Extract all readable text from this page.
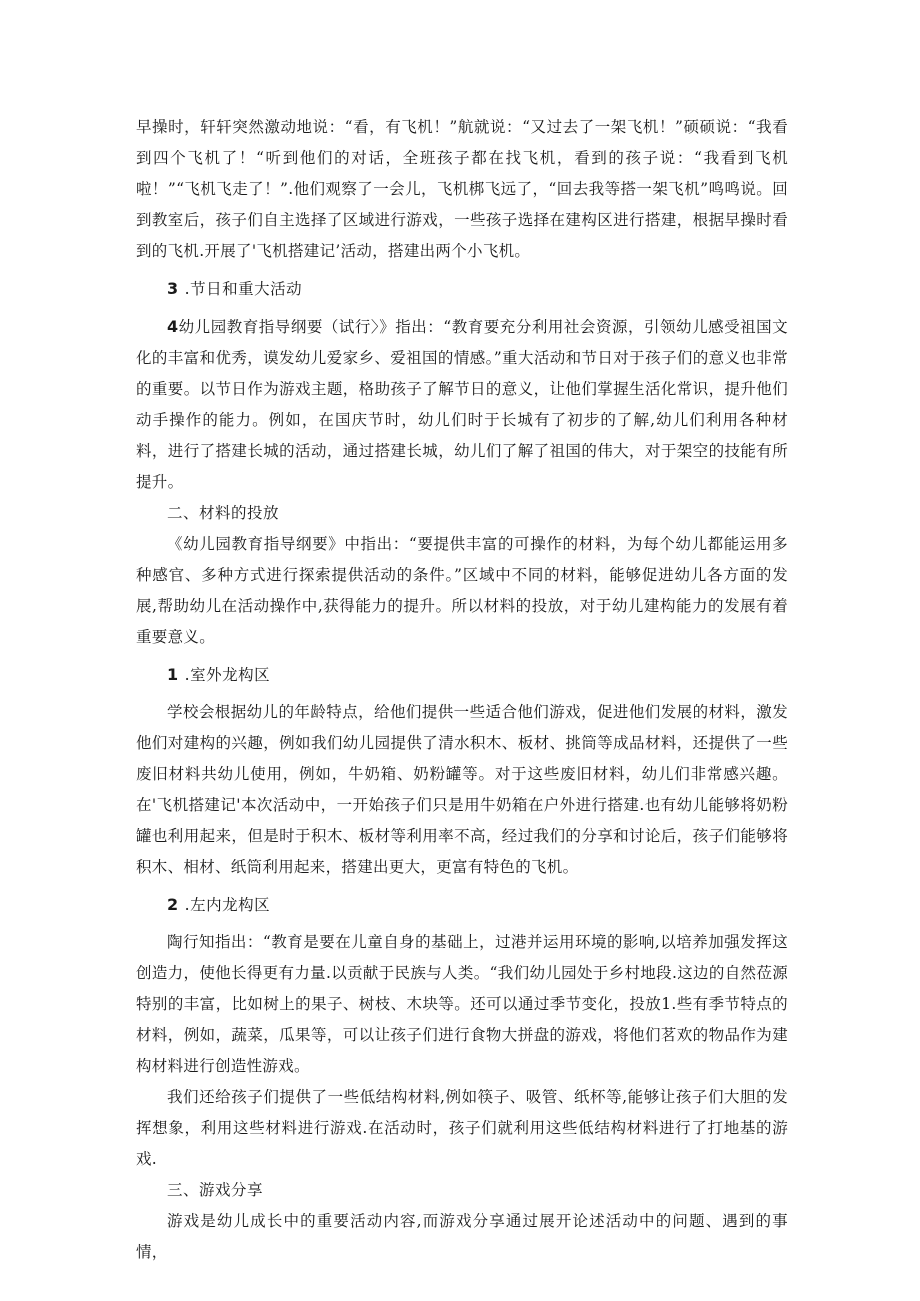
早操时，轩轩突然激动地说：“看，有飞机！”航就说：“又过去了一架飞机！”硕硕说：“我看到四个飞机了！“听到他们的对话，全班孩子都在找飞机，看到的孩子说：“我看到飞机啦！”“飞机飞走了！”.他们观察了一会儿，飞机梆飞远了，“回去我等搭一架飞机”鸣鸣说。回到教室后，孩子们自主选择了区域进行游戏，一些孩子选择在建构区进行搭建，根据早操时看到的飞机.开展了'飞机搭建记’活动，搭建出两个小飞机。

3 .节日和重大活动

4幼儿园教育指导纲要（试行〉》指出：“教育要充分利用社会资源，引领幼儿感受祖国文化的丰富和优秀，谟发幼儿爱家乡、爱祖国的情感。”重大活动和节日对于孩子们的意义也非常的重要。以节日作为游戏主题，格助孩子了解节日的意义，让他们掌握生活化常识，提升他们动手操作的能力。例如，在国庆节时，幼儿们时于长城有了初步的了解,幼儿们利用各种材料，进行了搭建长城的活动，通过搭建长城，幼儿们了解了祖国的伟大，对于架空的技能有所提升。

二、材料的投放

《幼儿园教育指导纲要》中指出：“要提供丰富的可操作的材料，为每个幼儿都能运用多种感官、多种方式进行探索提供活动的条件。”区域中不同的材料，能够促进幼儿各方面的发展,帮助幼儿在活动操作中,获得能力的提升。所以材料的投放，对于幼儿建构能力的发展有着重要意义。

1 .室外龙构区

学校会根据幼儿的年龄特点，给他们提供一些适合他们游戏，促进他们发展的材料，激发他们对建构的兴趣，例如我们幼儿园提供了清水积木、板材、挑筒等成品材料，还提供了一些废旧材料共幼儿使用，例如，牛奶箱、奶粉罐等。对于这些废旧材料，幼儿们非常感兴趣。在'飞机搭建记'本次活动中，一开始孩子们只是用牛奶箱在户外进行搭建.也有幼儿能够将奶粉罐也利用起来，但是时于积木、板材等利用率不高，经过我们的分享和讨论后，孩子们能够将积木、相材、纸筒利用起来，搭建出更大，更富有特色的飞机。

2 .左内龙构区

陶行知指出：“教育是要在儿童自身的基础上，过港并运用环境的影响,以培养加强发挥这创造力，使他长得更有力量.以贡献于民族与人类。“我们幼儿园处于乡村地段.这边的自然莅源特别的丰富，比如树上的果子、树枝、木块等。还可以通过季节变化，投放1.些有季节特点的材料，例如，蔬菜，瓜果等，可以让孩子们进行食物大拼盘的游戏，将他们茗欢的物品作为建构材料进行创造性游戏。

我们还给孩子们提供了一些低结构材料,例如筷子、吸管、纸杯等,能够让孩子们大胆的发挥想象，利用这些材料进行游戏.在活动时，孩子们就利用这些低结构材料进行了打地基的游戏.

三、游戏分享

游戏是幼儿成长中的重要活动内容,而游戏分享通过展开论述活动中的问题、遇到的事情，
